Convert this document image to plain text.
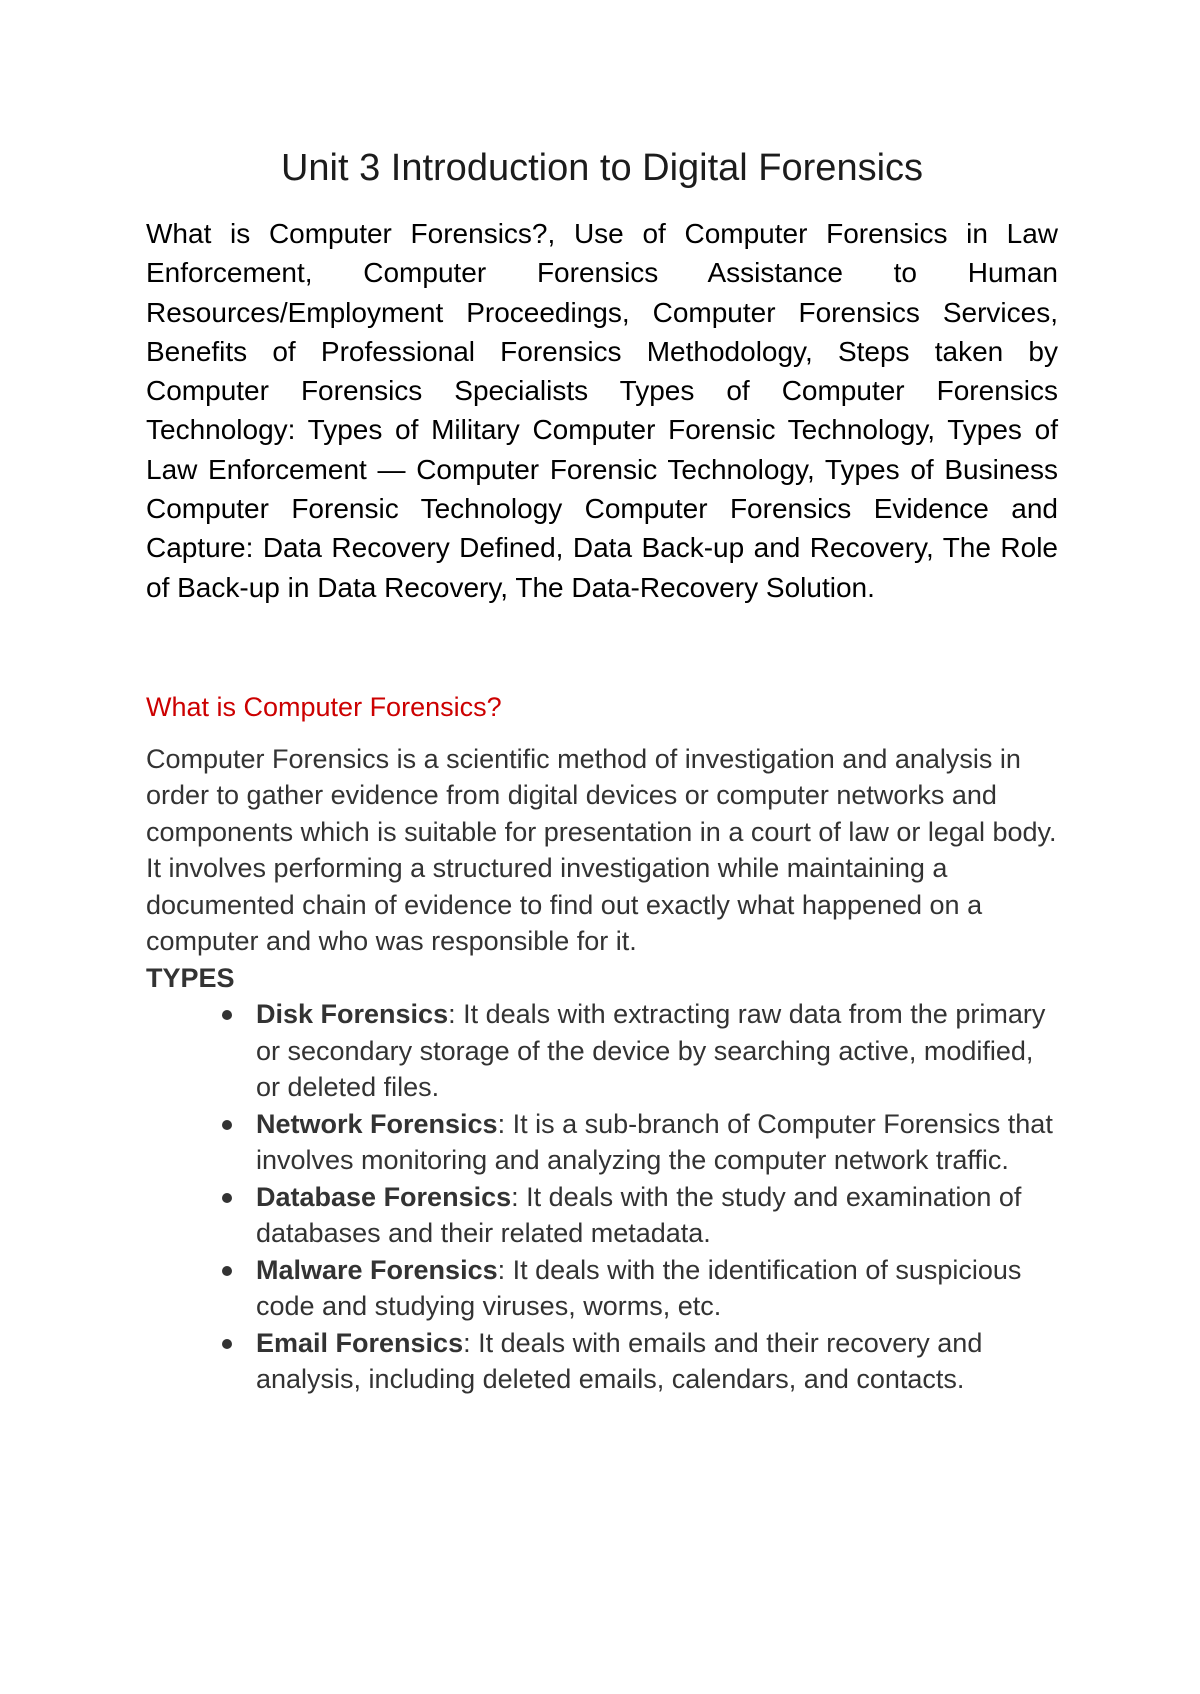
Unit 3 Introduction to Digital Forensics

What is Computer Forensics?, Use of Computer Forensics in Law Enforcement, Computer Forensics Assistance to Human Resources/Employment Proceedings, Computer Forensics Services, Benefits of Professional Forensics Methodology, Steps taken by Computer Forensics Specialists Types of Computer Forensics Technology: Types of Military Computer Forensic Technology, Types of Law Enforcement — Computer Forensic Technology, Types of Business Computer Forensic Technology Computer Forensics Evidence and Capture: Data Recovery Defined, Data Back-up and Recovery, The Role of Back-up in Data Recovery, The Data-Recovery Solution.

What is Computer Forensics?

Computer Forensics is a scientific method of investigation and analysis in order to gather evidence from digital devices or computer networks and components which is suitable for presentation in a court of law or legal body. It involves performing a structured investigation while maintaining a documented chain of evidence to find out exactly what happened on a computer and who was responsible for it.

TYPES

Disk Forensics: It deals with extracting raw data from the primary or secondary storage of the device by searching active, modified, or deleted files.
Network Forensics: It is a sub-branch of Computer Forensics that involves monitoring and analyzing the computer network traffic.
Database Forensics: It deals with the study and examination of databases and their related metadata.
Malware Forensics: It deals with the identification of suspicious code and studying viruses, worms, etc.
Email Forensics: It deals with emails and their recovery and analysis, including deleted emails, calendars, and contacts.
